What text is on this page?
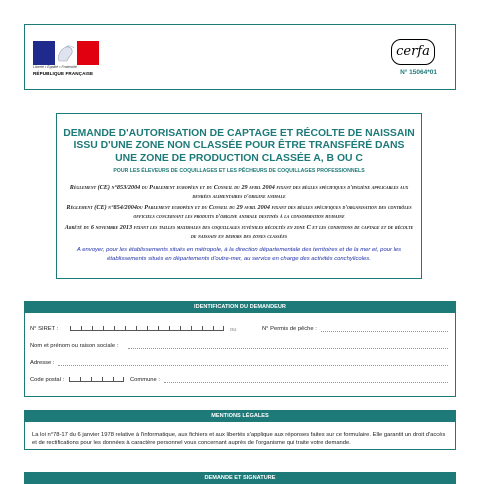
Liberté • Égalité • Fraternité
RÉPUBLIQUE FRANÇAISE
cerfa
N° 15064*01

DEMANDE D'AUTORISATION DE CAPTAGE ET RÉCOLTE DE NAISSAIN ISSU D'UNE ZONE NON CLASSÉE POUR ÊTRE TRANSFÉRÉ DANS UNE ZONE DE PRODUCTION CLASSÉE A, B OU C

POUR LES ÉLEVEURS DE COQUILLAGES ET LES PÊCHEURS DE COQUILLAGES PROFESSIONNELS

Règlement (CE) n°853/2004 du Parlement européen et du Conseil du 29 avril 2004 fixant des règles spécifiques d'hygiène applicables aux denrées alimentaires d'origine animale

Règlement (CE) n°854/2004du Parlement européen et du Conseil du 29 avril 2004 fixant des règles spécifiques d'organisation des contrôles officiels concernant les produits d'origine animale destinés à la consommation humaine

Arrêté du 6 novembre 2013 fixant les tailles maximales des coquillages juvéniles récoltés en zone C et les conditions de captage et de récolte de naissain en dehors des zones classées

A envoyer, pour les établissements situés en métropole, à la direction départementale des territoires et de la mer et, pour les établissements situés en départements d'outre-mer, au service en charge des activités conchylicoles.
IDENTIFICATION DU DEMANDEUR
N° SIRET :	ou	N° Permis de pêche :
Nom et prénom ou raison sociale :
Adresse :
Code postal :	Commune :
MENTIONS LÉGALES
La loi n°78-17 du 6 janvier 1978 relative à l'informatique, aux fichiers et aux libertés s'applique aux réponses faites sur ce formulaire. Elle garantit un droit d'accès et de rectifications pour les données à caractère personnel vous concernant auprès de l'organisme qui traite votre demande.
DEMANDE ET SIGNATURE
